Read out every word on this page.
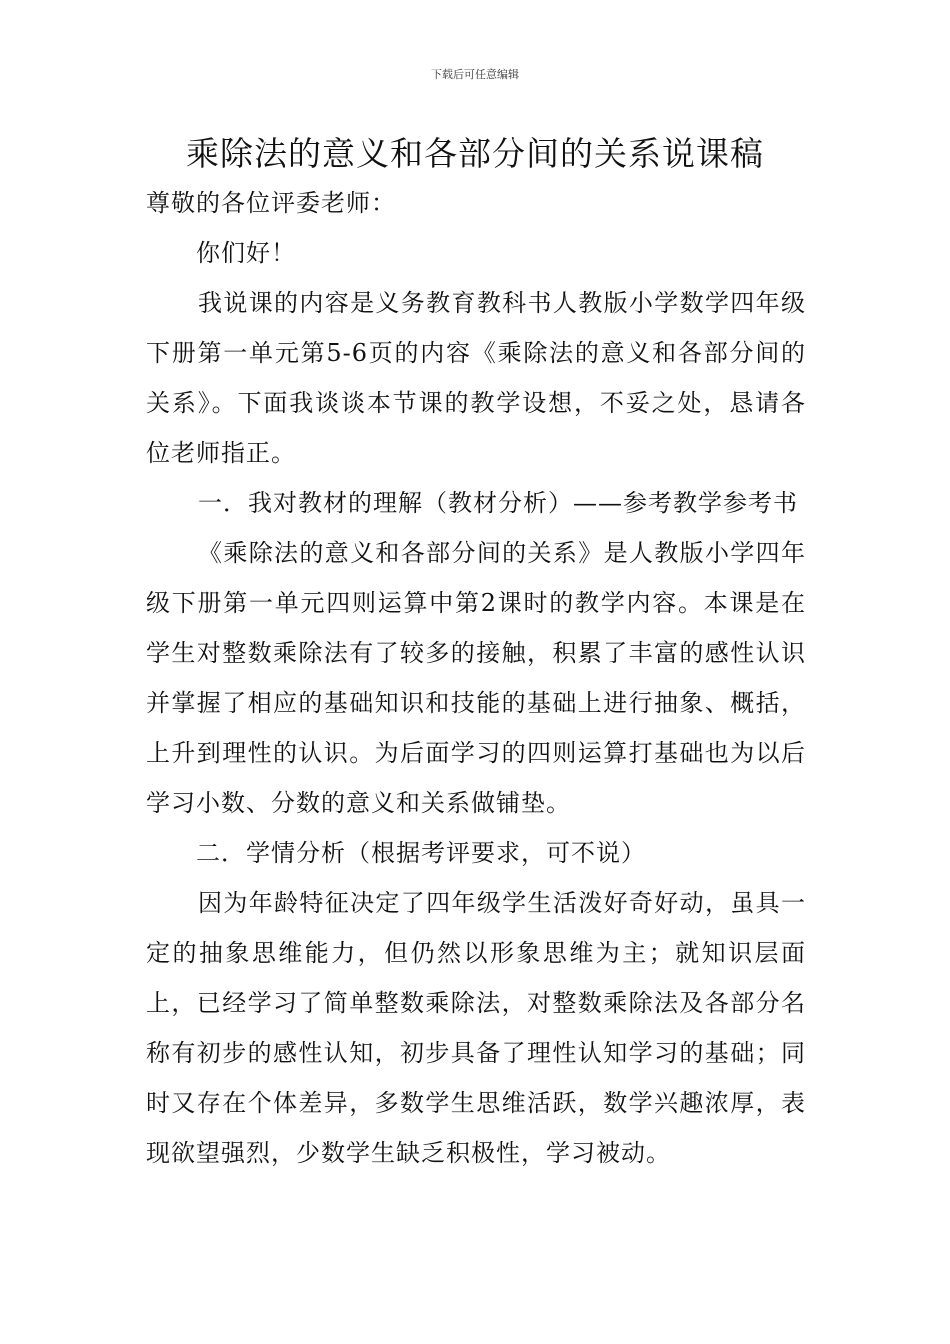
下载后可任意编辑
乘除法的意义和各部分间的关系说课稿

尊敬的各位评委老师：

你们好！

我说课的内容是义务教育教科书人教版小学数学四年级下册第一单元第5-6页的内容《乘除法的意义和各部分间的关系》。下面我谈谈本节课的教学设想，不妥之处，恳请各位老师指正。

一．我对教材的理解（教材分析）——参考教学参考书

《乘除法的意义和各部分间的关系》是人教版小学四年级下册第一单元四则运算中第2课时的教学内容。本课是在学生对整数乘除法有了较多的接触，积累了丰富的感性认识并掌握了相应的基础知识和技能的基础上进行抽象、概括，上升到理性的认识。为后面学习的四则运算打基础也为以后学习小数、分数的意义和关系做铺垫。

二．学情分析（根据考评要求，可不说）

因为年龄特征决定了四年级学生活泼好奇好动，虽具一定的抽象思维能力，但仍然以形象思维为主；就知识层面上，已经学习了简单整数乘除法，对整数乘除法及各部分名称有初步的感性认知，初步具备了理性认知学习的基础；同时又存在个体差异，多数学生思维活跃，数学兴趣浓厚，表现欲望强烈，少数学生缺乏积极性，学习被动。
